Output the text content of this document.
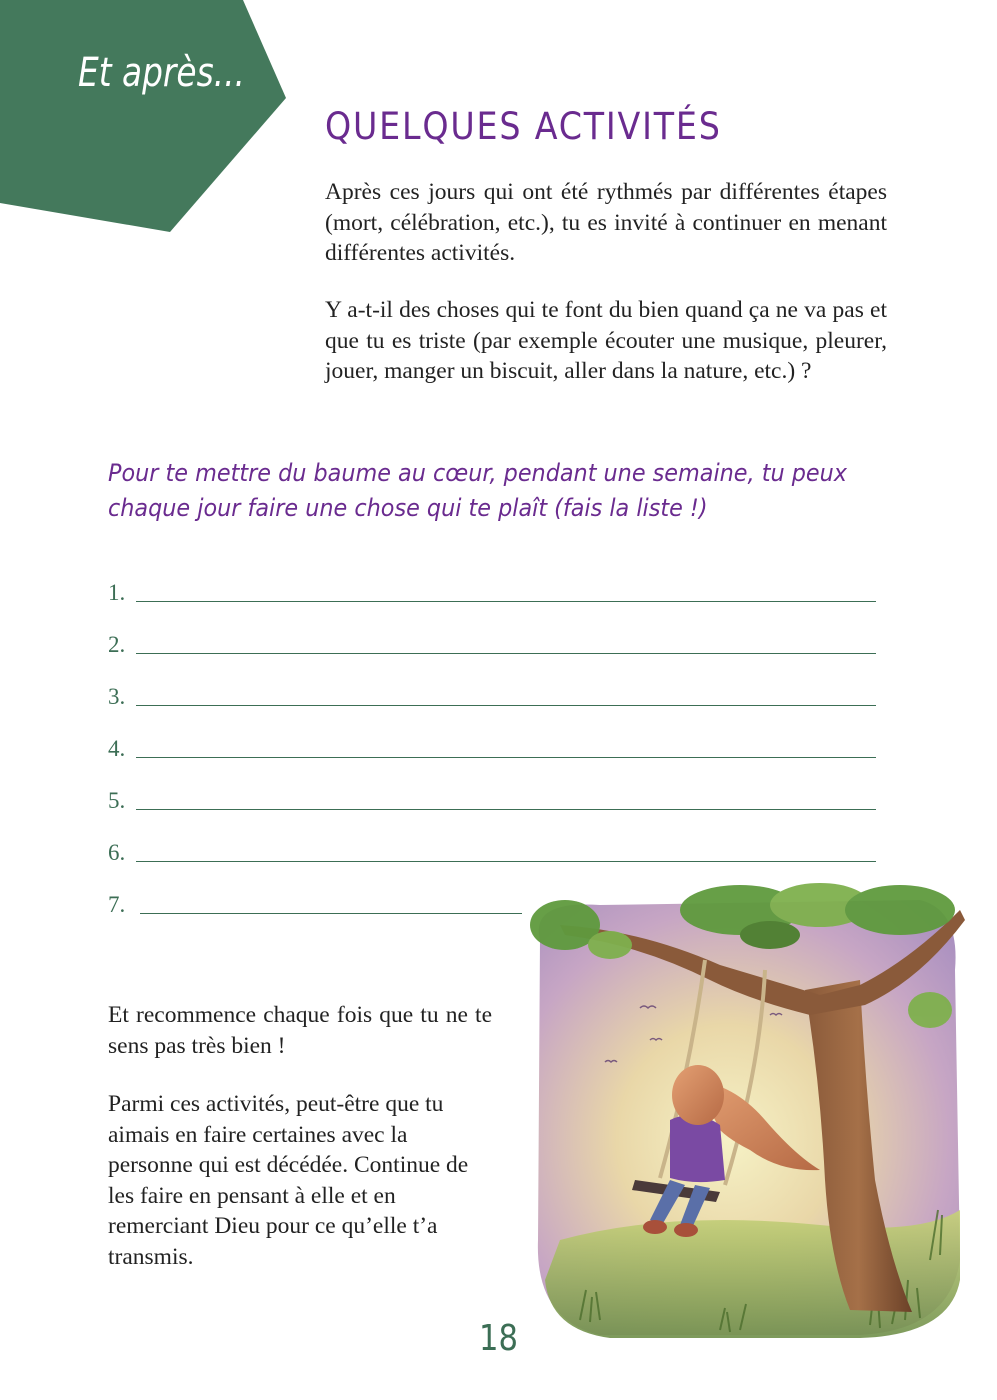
Et après...
QUELQUES ACTIVITÉS

Après ces jours qui ont été rythmés par différentes étapes (mort, célébration, etc.), tu es invité à continuer en menant différentes activités.

Y a-t-il des choses qui te font du bien quand ça ne va pas et que tu es triste (par exemple écouter une musique, pleurer, jouer, manger un biscuit, aller dans la nature, etc.) ?

Pour te mettre du baume au cœur, pendant une semaine, tu peux chaque jour faire une chose qui te plaît (fais la liste !)
1.
2.
3.
4.
5.
6.
7.

Et recommence chaque fois que tu ne te sens pas très bien !

Parmi ces activités, peut-être que tu aimais en faire certaines avec la personne qui est décédée. Continue de les faire en pensant à elle et en remerciant Dieu pour ce qu’elle t’a transmis.

18
